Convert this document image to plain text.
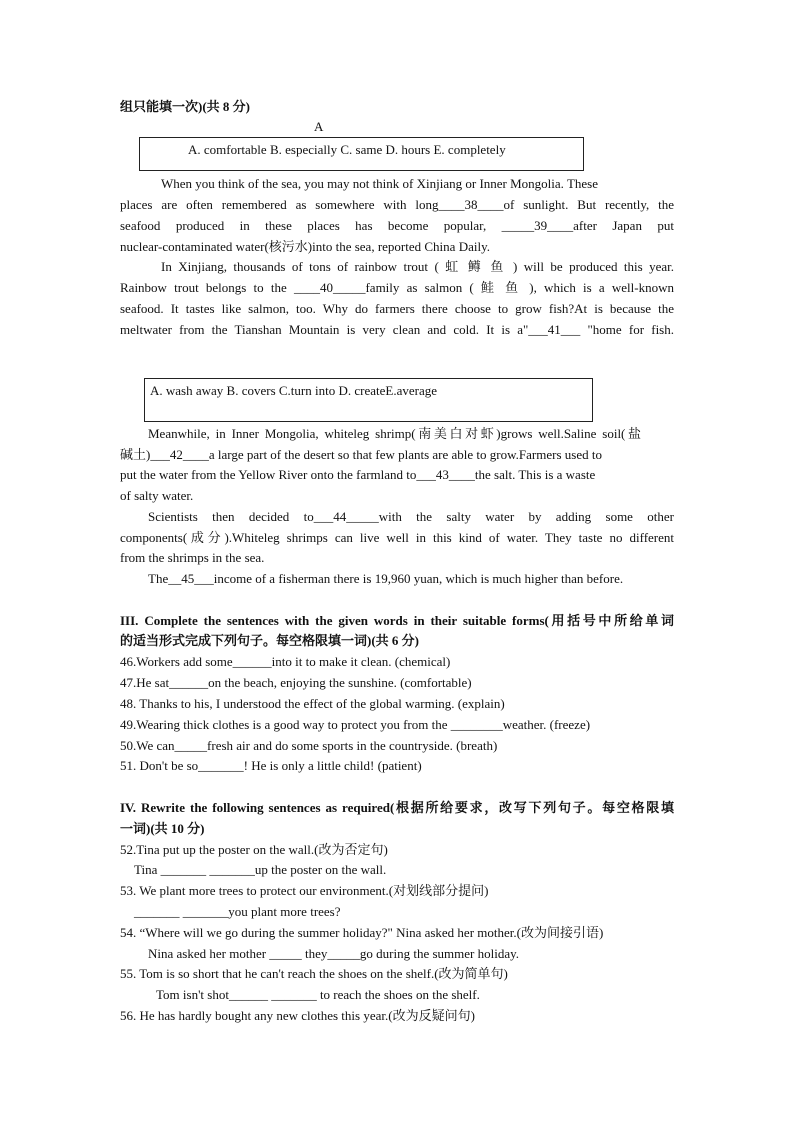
组只能填一次)(共 8 分)
A
A. comfortable B. especially C. same D. hours E. completely
When you think of the sea, you may not think of Xinjiang or Inner Mongolia. These
places are often remembered as somewhere with long____38____of sunlight. But recently, the
seafood produced in these places has become popular, _____39____after Japan put
nuclear-contaminated water(核污水)into the sea, reported China Daily.
In Xinjiang, thousands of tons of rainbow trout ( 虹 鳟 鱼 ) will be produced this year.
Rainbow trout belongs to the ____40_____family as salmon ( 鲑 鱼 ), which is a well-known
seafood. It tastes like salmon, too. Why do farmers there choose to grow fish?At is because the
meltwater from the Tianshan Mountain is very clean and cold. It is a"___41___ "home for fish.
A. wash away B. covers C.turn into D. createE.average
Meanwhile, in Inner Mongolia, whiteleg shrimp(南美白对虾)grows well.Saline soil(盐
碱土)___42____a large part of the desert so that few plants are able to grow.Farmers used to
put the water from the Yellow River onto the farmland to___43____the salt. This is a waste
of salty water.
Scientists then decided to___44_____with the salty water by adding some other
components(成分).Whiteleg shrimps can live well in this kind of water. They taste no different
from the shrimps in the sea.
The__45___income of a fisherman there is 19,960 yuan, which is much higher than before.
III. Complete the sentences with the given words in their suitable forms(用括号中所给单词
的适当形式完成下列句子。每空格限填一词)(共 6 分)
46.Workers add some______into it to make it clean. (chemical)
47.He sat______on the beach, enjoying the sunshine. (comfortable)
48. Thanks to his, I understood the effect of the global warming. (explain)
49.Wearing thick clothes is a good way to protect you from the ________weather. (freeze)
50.We can_____fresh air and do some sports in the countryside. (breath)
51. Don't be so_______! He is only a little child! (patient)
IV. Rewrite the following sentences as required(根据所给要求，改写下列句子。每空格限填
一词)(共 10 分)
52.Tina put up the poster on the wall.(改为否定句)
Tina _______ _______up the poster on the wall.
53. We plant more trees to protect our environment.(对划线部分提问)
_______ _______you plant more trees?
54. “Where will we go during the summer holiday?" Nina asked her mother.(改为间接引语)
Nina asked her mother _____ they_____go during the summer holiday.
55. Tom is so short that he can't reach the shoes on the shelf.(改为简单句)
Tom isn't shot______ _______ to reach the shoes on the shelf.
56. He has hardly bought any new clothes this year.(改为反疑问句)
